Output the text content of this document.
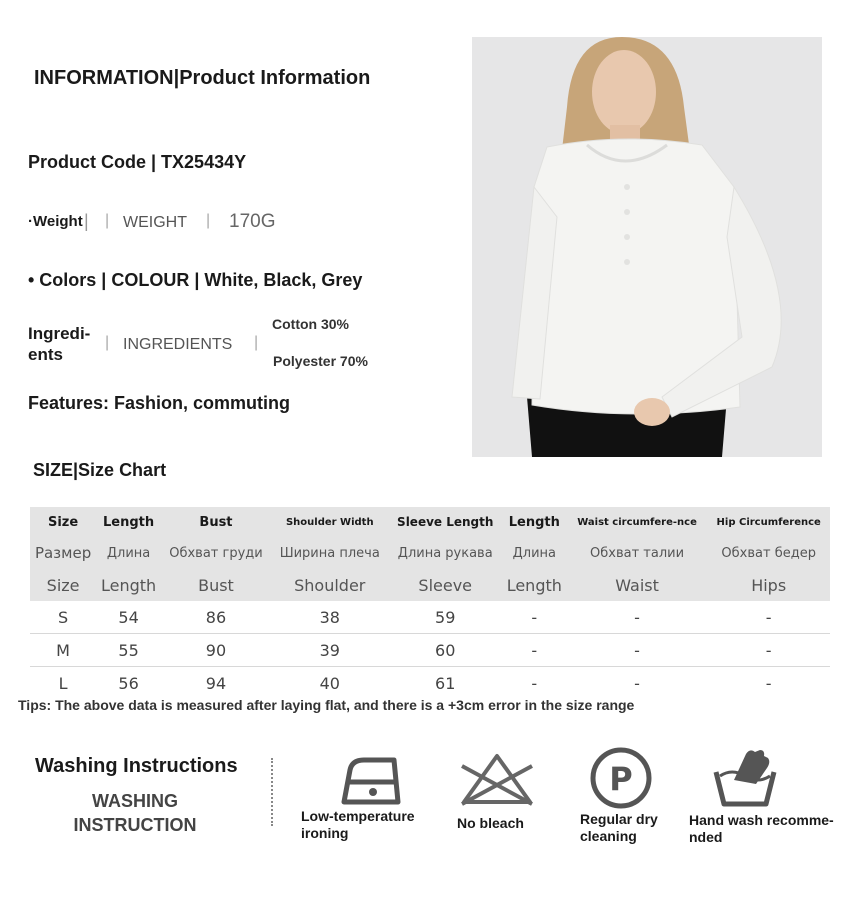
INFORMATION|Product Information
Product Code | TX25434Y
·Weight | | WEIGHT | 170G
• Colors | COLOUR | White, Black, Grey
Ingredi-
ents
| INGREDIENTS |
Cotton 30%
Polyester 70%
Features: Fashion, commuting
SIZE|Size Chart
Size	Length	Bust	Shoulder Width	Sleeve Length	Length	Waist circumfere-nce	Hip Circumference
Размер	Длина	Обхват груди	Ширина плеча	Длина рукава	Длина	Обхват талии	Обхват бедер
Size	Length	Bust	Shoulder	Sleeve	Length	Waist	Hips
S	54	86	38	59	-	-	-
M	55	90	39	60	-	-	-
L	56	94	40	61	-	-	-
Tips: The above data is measured after laying flat, and there is a +3cm error in the size range
Washing Instructions
WASHING
INSTRUCTION	Low-temperature ironing
No bleach
P
Regular dry cleaning
Hand wash recomme-nded
